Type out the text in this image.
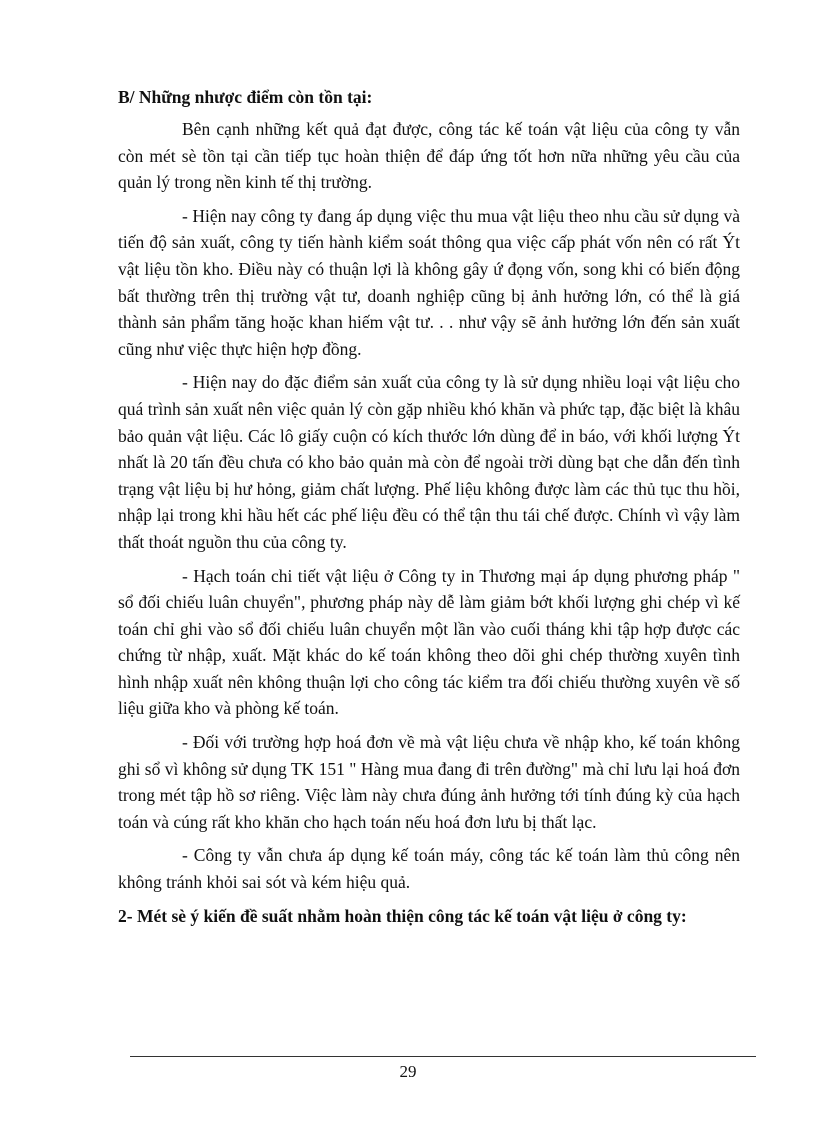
B/ Những nhược điểm còn tồn tại:

Bên cạnh những kết quả đạt được, công tác kế toán vật liệu của công ty vẫn còn mét sè tồn tại cần tiếp tục hoàn thiện để đáp ứng tốt hơn nữa những yêu cầu của quản lý trong nền kinh tế thị trường.

- Hiện nay công ty đang áp dụng việc thu mua vật liệu theo nhu cầu sử dụng và tiến độ sản xuất, công ty tiến hành kiểm soát thông qua việc cấp phát vốn nên có rất Ýt vật liệu tồn kho. Điều này có thuận lợi là không gây ứ đọng vốn, song khi có biến động bất thường trên thị trường vật tư, doanh nghiệp cũng bị ảnh hưởng lớn, có thể là giá thành sản phẩm tăng hoặc khan hiếm vật tư. . . như vậy sẽ ảnh hưởng lớn đến sản xuất cũng như việc thực hiện hợp đồng.

- Hiện nay do đặc điểm sản xuất của công ty là sử dụng nhiều loại vật liệu cho quá trình sản xuất nên việc quản lý còn gặp nhiều khó khăn và phức tạp, đặc biệt là khâu bảo quản vật liệu. Các lô giấy cuộn có kích thước lớn dùng để in báo, với khối lượng Ýt nhất là 20 tấn đều chưa có kho bảo quản mà còn để ngoài trời dùng bạt che dẫn đến tình trạng vật liệu bị hư hỏng, giảm chất lượng. Phế liệu không được làm các thủ tục thu hồi, nhập lại trong khi hầu hết các phế liệu đều có thể tận thu tái chế được. Chính vì vậy làm thất thoát nguồn thu của công ty.

- Hạch toán chi tiết vật liệu ở Công ty in Thương mại áp dụng phương pháp " sổ đối chiếu luân chuyển", phương pháp này dễ làm giảm bớt khối lượng ghi chép vì kế toán chỉ ghi vào sổ đối chiếu luân chuyển một lần vào cuối tháng khi tập hợp được các chứng từ nhập, xuất. Mặt khác do kế toán không theo dõi ghi chép thường xuyên tình hình nhập xuất nên không thuận lợi cho công tác kiểm tra đối chiếu thường xuyên về số liệu giữa kho và phòng kế toán.

- Đối với trường hợp hoá đơn về mà vật liệu chưa về nhập kho, kế toán không ghi sổ vì không sử dụng TK 151 " Hàng mua đang đi trên đường" mà chỉ lưu lại hoá đơn trong mét tập hồ sơ riêng. Việc làm này chưa đúng ảnh hưởng tới tính đúng kỳ của hạch toán và cúng rất kho khăn cho hạch toán nếu hoá đơn lưu bị thất lạc.

- Công ty vẫn chưa áp dụng kế toán máy, công tác kế toán làm thủ công nên không tránh khỏi sai sót và kém hiệu quả.

2- Mét sè ý kiến đề suất nhằm hoàn thiện công tác kế toán vật liệu ở công ty:

29
